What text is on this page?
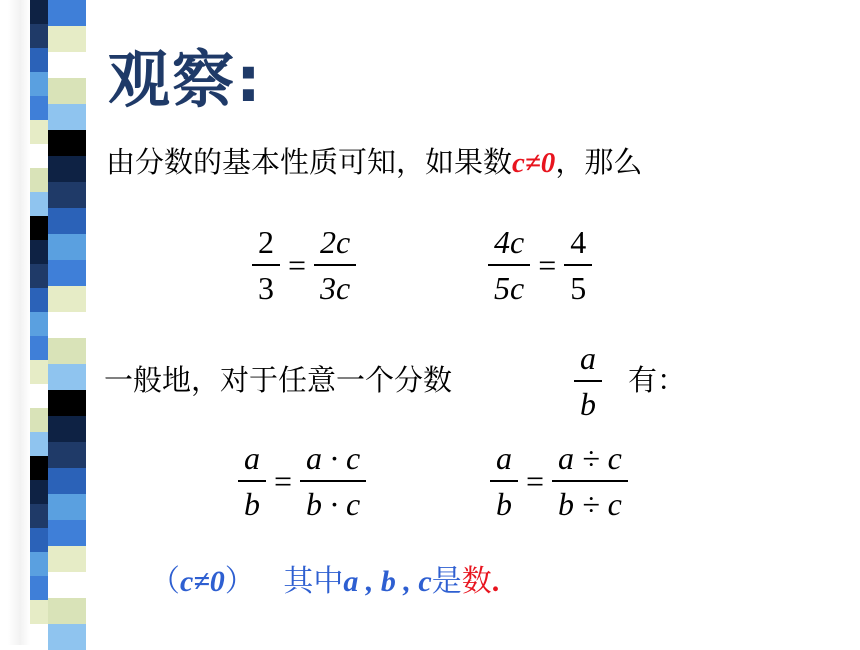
观察:
由分数的基本性质可知，如果数c≠0，那么
$\frac{2}{3} = \frac{2c}{3c}$	$\frac{4c}{5c} = \frac{4}{5}$
一般地，对于任意一个分数	$\frac{a}{b}$ 有：
$\frac{a}{b} = \frac{a \cdot c}{b \cdot c}$	$\frac{a}{b} = \frac{a \div c}{b \div c}$
（c≠0） 其中a , b , c是数.
